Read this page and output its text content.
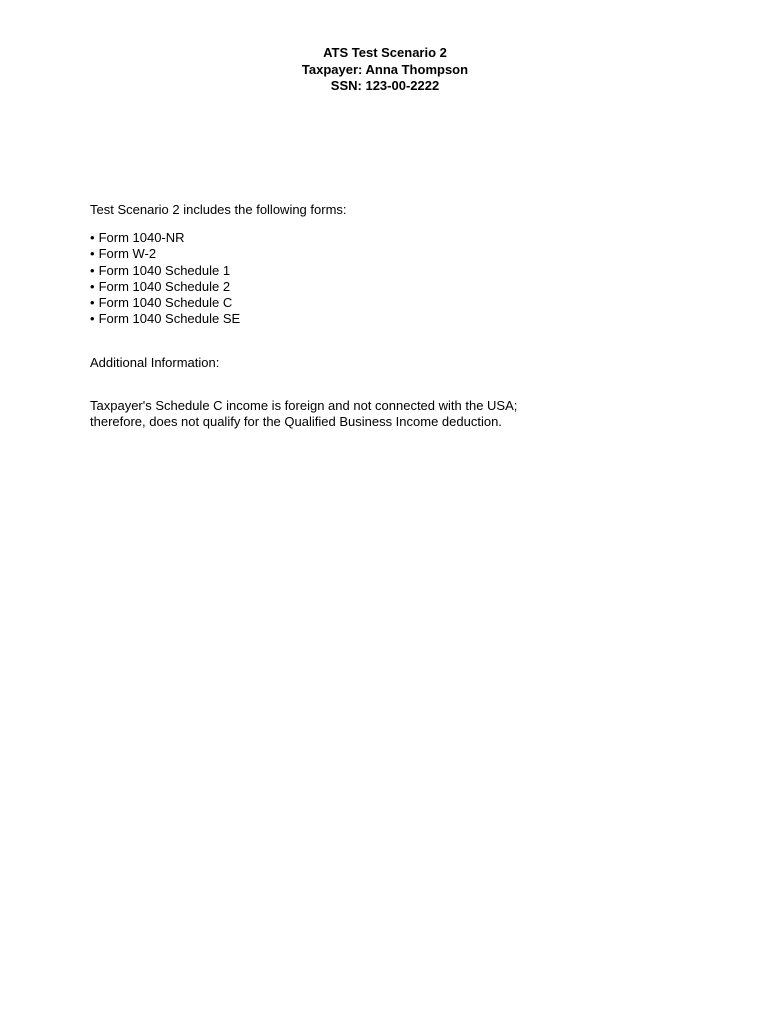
ATS Test Scenario 2
Taxpayer: Anna Thompson
SSN: 123-00-2222
Test Scenario 2 includes the following forms:
• Form 1040-NR
• Form W-2
• Form 1040 Schedule 1
• Form 1040 Schedule 2
• Form 1040 Schedule C
• Form 1040 Schedule SE
Additional Information:
Taxpayer's Schedule C income is foreign and not connected with the USA;
therefore, does not qualify for the Qualified Business Income deduction.
